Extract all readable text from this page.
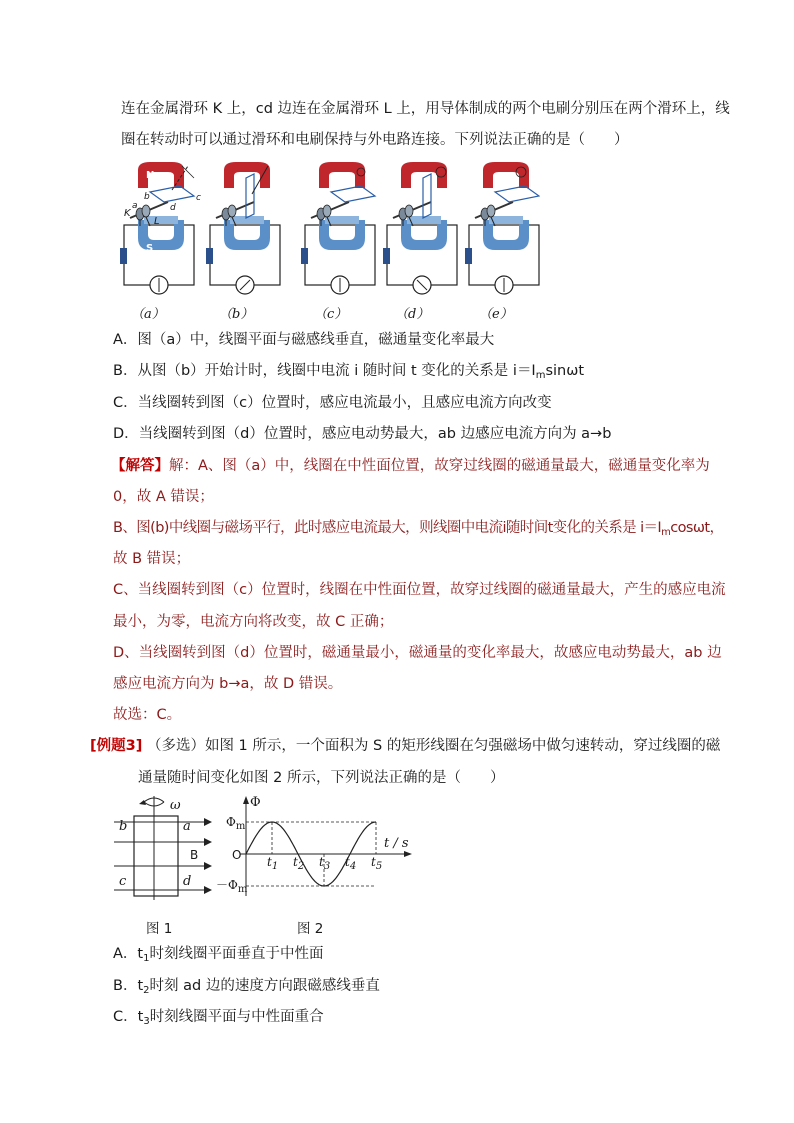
连在金属滑环 K 上，cd 边连在金属滑环 L 上，用导体制成的两个电刷分别压在两个滑环上，线
圈在转动时可以通过滑环和电刷保持与外电路连接。下列说法正确的是（　　）
N
S
K
L
b
d
c
a
（a）	（b）	（c）	（d）	（e）
A．图（a）中，线圈平面与磁感线垂直，磁通量变化率最大
B．从图（b）开始计时，线圈中电流 i 随时间 t 变化的关系是 $i=I_m\sin\omega t$
C．当线圈转到图（c）位置时，感应电流最小，且感应电流方向改变
D．当线圈转到图（d）位置时，感应电动势最大，ab 边感应电流方向为 a→b
【解答】解：A、图（a）中，线圈在中性面位置，故穿过线圈的磁通量最大，磁通量变化率为
0，故 A 错误；
B、图(b)中线圈与磁场平行，此时感应电流最大，则线圈中电流i随时间t变化的关系是 $i=I_m\cos\omega t$，
故 B 错误；
C、当线圈转到图（c）位置时，线圈在中性面位置，故穿过线圈的磁通量最大，产生的感应电流
最小，为零，电流方向将改变，故 C 正确；
D、当线圈转到图（d）位置时，磁通量最小，磁通量的变化率最大，故感应电动势最大，ab 边
感应电流方向为 b→a，故 D 错误。
故选：C。
[例题3] （多选）如图 1 所示，一个面积为 S 的矩形线圈在匀强磁场中做匀速转动，穿过线圈的磁
通量随时间变化如图 2 所示，下列说法正确的是（　　）
ω
b	a
B
c	d
图 1
Φ
$\Phi_m$
$-\Phi_m$
O
t / s
$t_1$ $t_2$ $t_3$ $t_4$ $t_5$
图 2
A．$t_1$时刻线圈平面垂直于中性面
B．$t_2$时刻 ad 边的速度方向跟磁感线垂直
C．$t_3$时刻线圈平面与中性面重合
